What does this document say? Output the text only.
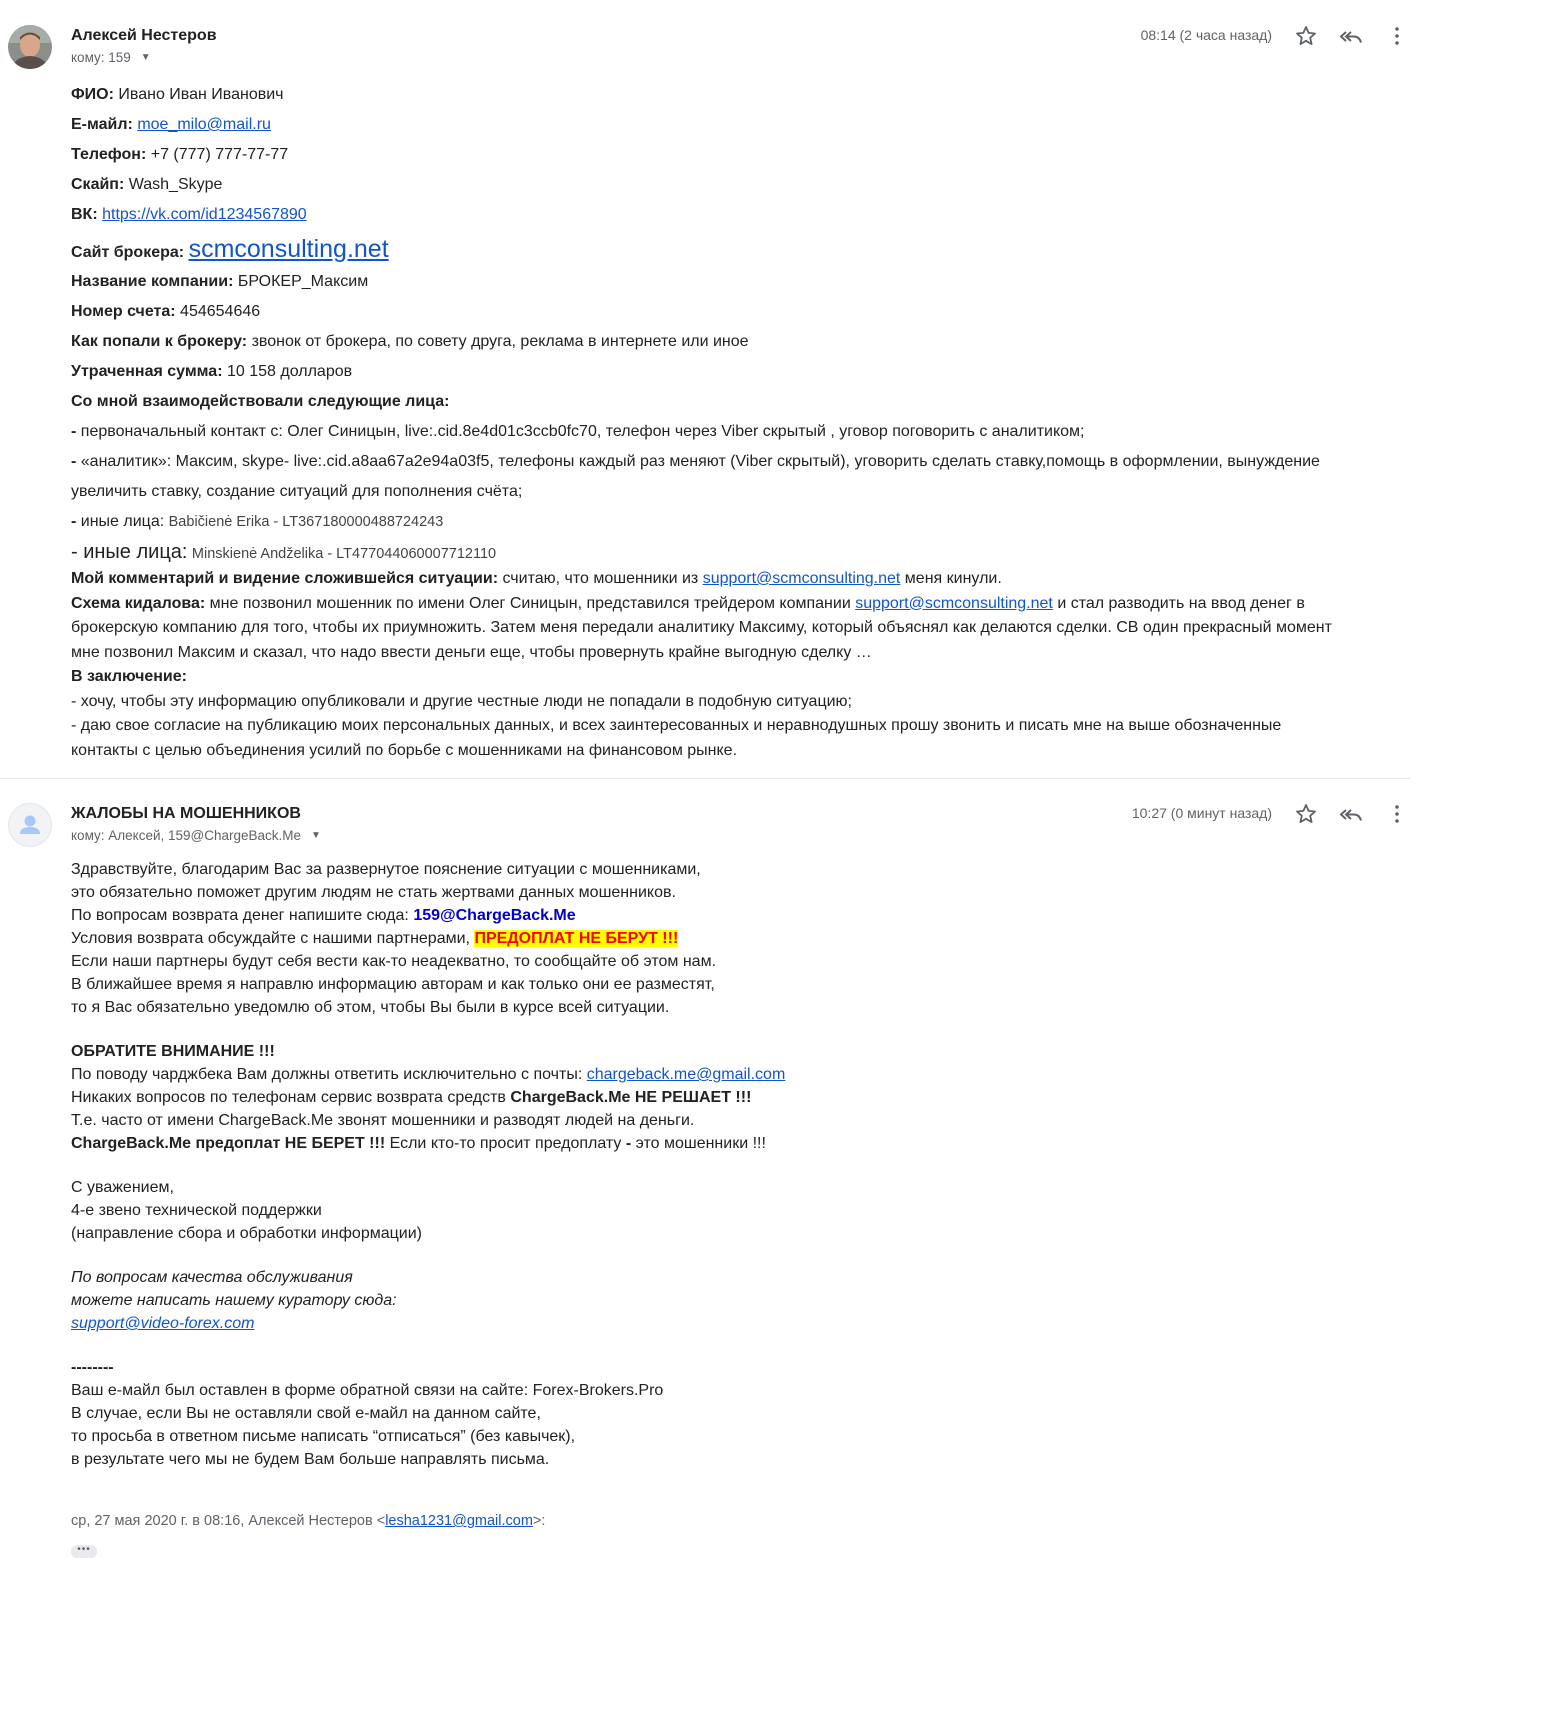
Алексей Нестеров
кому: 159 ▼
08:14 (2 часа назад)
ФИО: Ивано Иван Иванович
Е-майл: moe_milo@mail.ru
Телефон: +7 (777) 777-77-77
Скайп: Wash_Skype
ВК: https://vk.com/id1234567890
Сайт брокера: scmconsulting.net
Название компании: БРОКЕР_Максим
Номер счета: 454654646
Как попали к брокеру: звонок от брокера, по совету друга, реклама в интернете или иное
Утраченная сумма: 10 158 долларов
Со мной взаимодействовали следующие лица:
- первоначальный контакт с: Олег Синицын, live:.cid.8e4d01c3ccb0fc70, телефон через Viber скрытый , уговор поговорить с аналитиком;
- «аналитик»: Максим, skype- live:.cid.a8aa67a2e94a03f5, телефоны каждый раз меняют (Viber скрытый), уговорить сделать ставку,помощь в оформлении, вынуждение
увеличить ставку, создание ситуаций для пополнения счёта;
- иные лица: Babičienė Erika - LT367180000488724243
- иные лица: Minskienė Andželika - LT477044060007712110
Мой комментарий и видение сложившейся ситуации: считаю, что мошенники из support@scmconsulting.net меня кинули.
Схема кидалова: мне позвонил мошенник по имени Олег Синицын, представился трейдером компании support@scmconsulting.net и стал разводить на ввод денег в
брокерскую компанию для того, чтобы их приумножить. Затем меня передали аналитику Максиму, который объяснял как делаются сделки. CВ один прекрасный момент
мне позвонил Максим и сказал, что надо ввести деньги еще, чтобы провернуть крайне выгодную сделку …
В заключение:
- хочу, чтобы эту информацию опубликовали и другие честные люди не попадали в подобную ситуацию;
- даю свое согласие на публикацию моих персональных данных, и всех заинтересованных и неравнодушных прошу звонить и писать мне на выше обозначенные
контакты с целью объединения усилий по борьбе с мошенниками на финансовом рынке.
ЖАЛОБЫ НА МОШЕННИКОВ
кому: Алексей, 159@ChargeBack.Me ▼
10:27 (0 минут назад)
Здравствуйте, благодарим Вас за развернутое пояснение ситуации с мошенниками,
это обязательно поможет другим людям не стать жертвами данных мошенников.
По вопросам возврата денег напишите сюда: 159@ChargeBack.Me
Условия возврата обсуждайте с нашими партнерами, ПРЕДОПЛАТ НЕ БЕРУТ !!!
Если наши партнеры будут себя вести как-то неадекватно, то сообщайте об этом нам.
В ближайшее время я направлю информацию авторам и как только они ее разместят,
то я Вас обязательно уведомлю об этом, чтобы Вы были в курсе всей ситуации.
ОБРАТИТЕ ВНИМАНИЕ !!!
По поводу чарджбека Вам должны ответить исключительно с почты: chargeback.me@gmail.com
Никаких вопросов по телефонам сервис возврата средств ChargeBack.Me НЕ РЕШАЕТ !!!
Т.е. часто от имени ChargeBack.Me звонят мошенники и разводят людей на деньги.
ChargeBack.Me предоплат НЕ БЕРЕТ !!! Если кто-то просит предоплату - это мошенники !!!
С уважением,
4-е звено технической поддержки
(направление сбора и обработки информации)
По вопросам качества обслуживания
можете написать нашему куратору сюда:
support@video-forex.com
--------
Ваш е-майл был оставлен в форме обратной связи на сайте: Forex-Brokers.Pro
В случае, если Вы не оставляли свой е-майл на данном сайте,
то просьба в ответном письме написать “отписаться” (без кавычек),
в результате чего мы не будем Вам больше направлять письма.
ср, 27 мая 2020 г. в 08:16, Алексей Нестеров <lesha1231@gmail.com>:
•••
